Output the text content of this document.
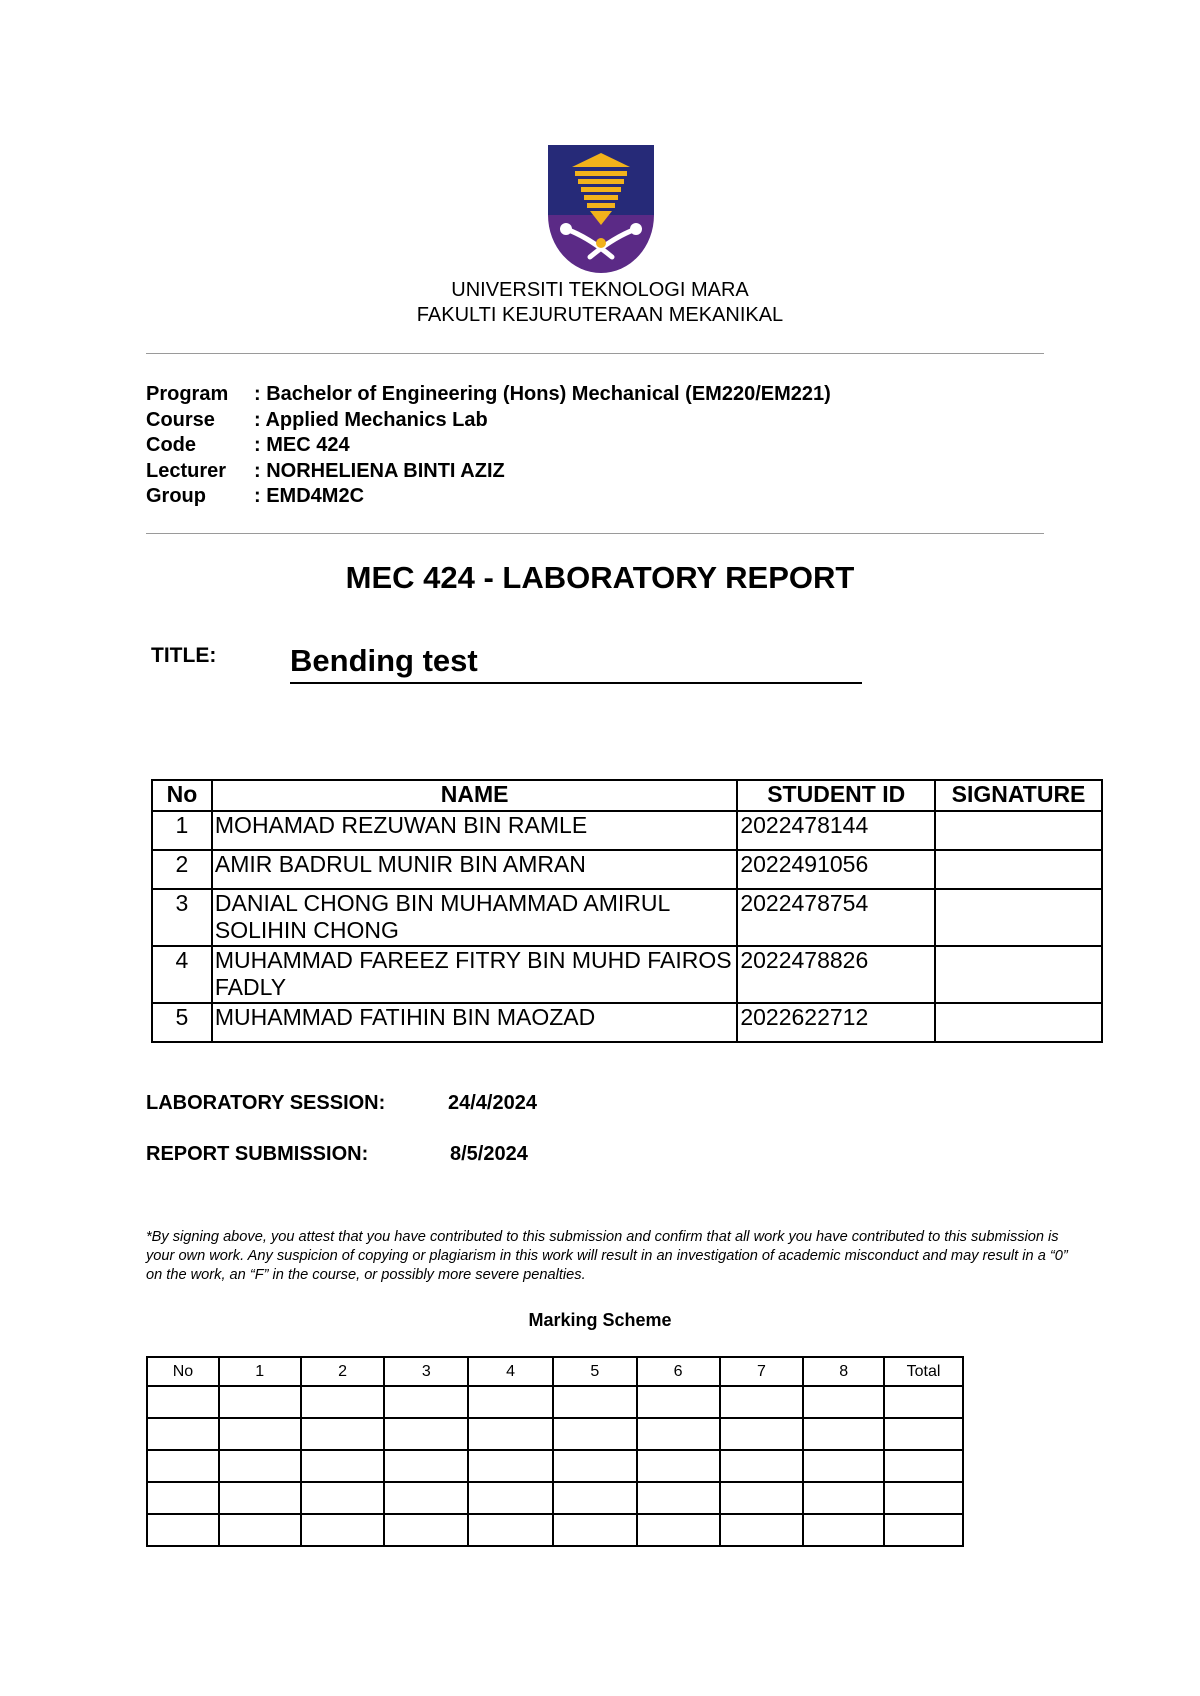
UNIVERSITI TEKNOLOGI MARA
FAKULTI KEJURUTERAAN MEKANIKAL
Program	: Bachelor of Engineering (Hons) Mechanical (EM220/EM221)
Course	: Applied Mechanics Lab
Code	: MEC 424
Lecturer	: NORHELIENA BINTI AZIZ
Group	: EMD4M2C
MEC 424 - LABORATORY REPORT
TITLE: Bending test
No	NAME	STUDENT ID	SIGNATURE
1	MOHAMAD REZUWAN BIN RAMLE	2022478144	
2	AMIR BADRUL MUNIR BIN AMRAN	2022491056	
3	DANIAL CHONG BIN MUHAMMAD AMIRUL SOLIHIN CHONG	2022478754	
4	MUHAMMAD FAREEZ FITRY BIN MUHD FAIROS FADLY	2022478826	
5	MUHAMMAD FATIHIN BIN MAOZAD	2022622712	
LABORATORY SESSION:	24/4/2024
REPORT SUBMISSION:	8/5/2024
*By signing above, you attest that you have contributed to this submission and confirm that all work you have contributed to this submission is your own work. Any suspicion of copying or plagiarism in this work will result in an investigation of academic misconduct and may result in a “0” on the work, an “F” in the course, or possibly more severe penalties.
Marking Scheme
No	1	2	3	4	5	6	7	8	Total
